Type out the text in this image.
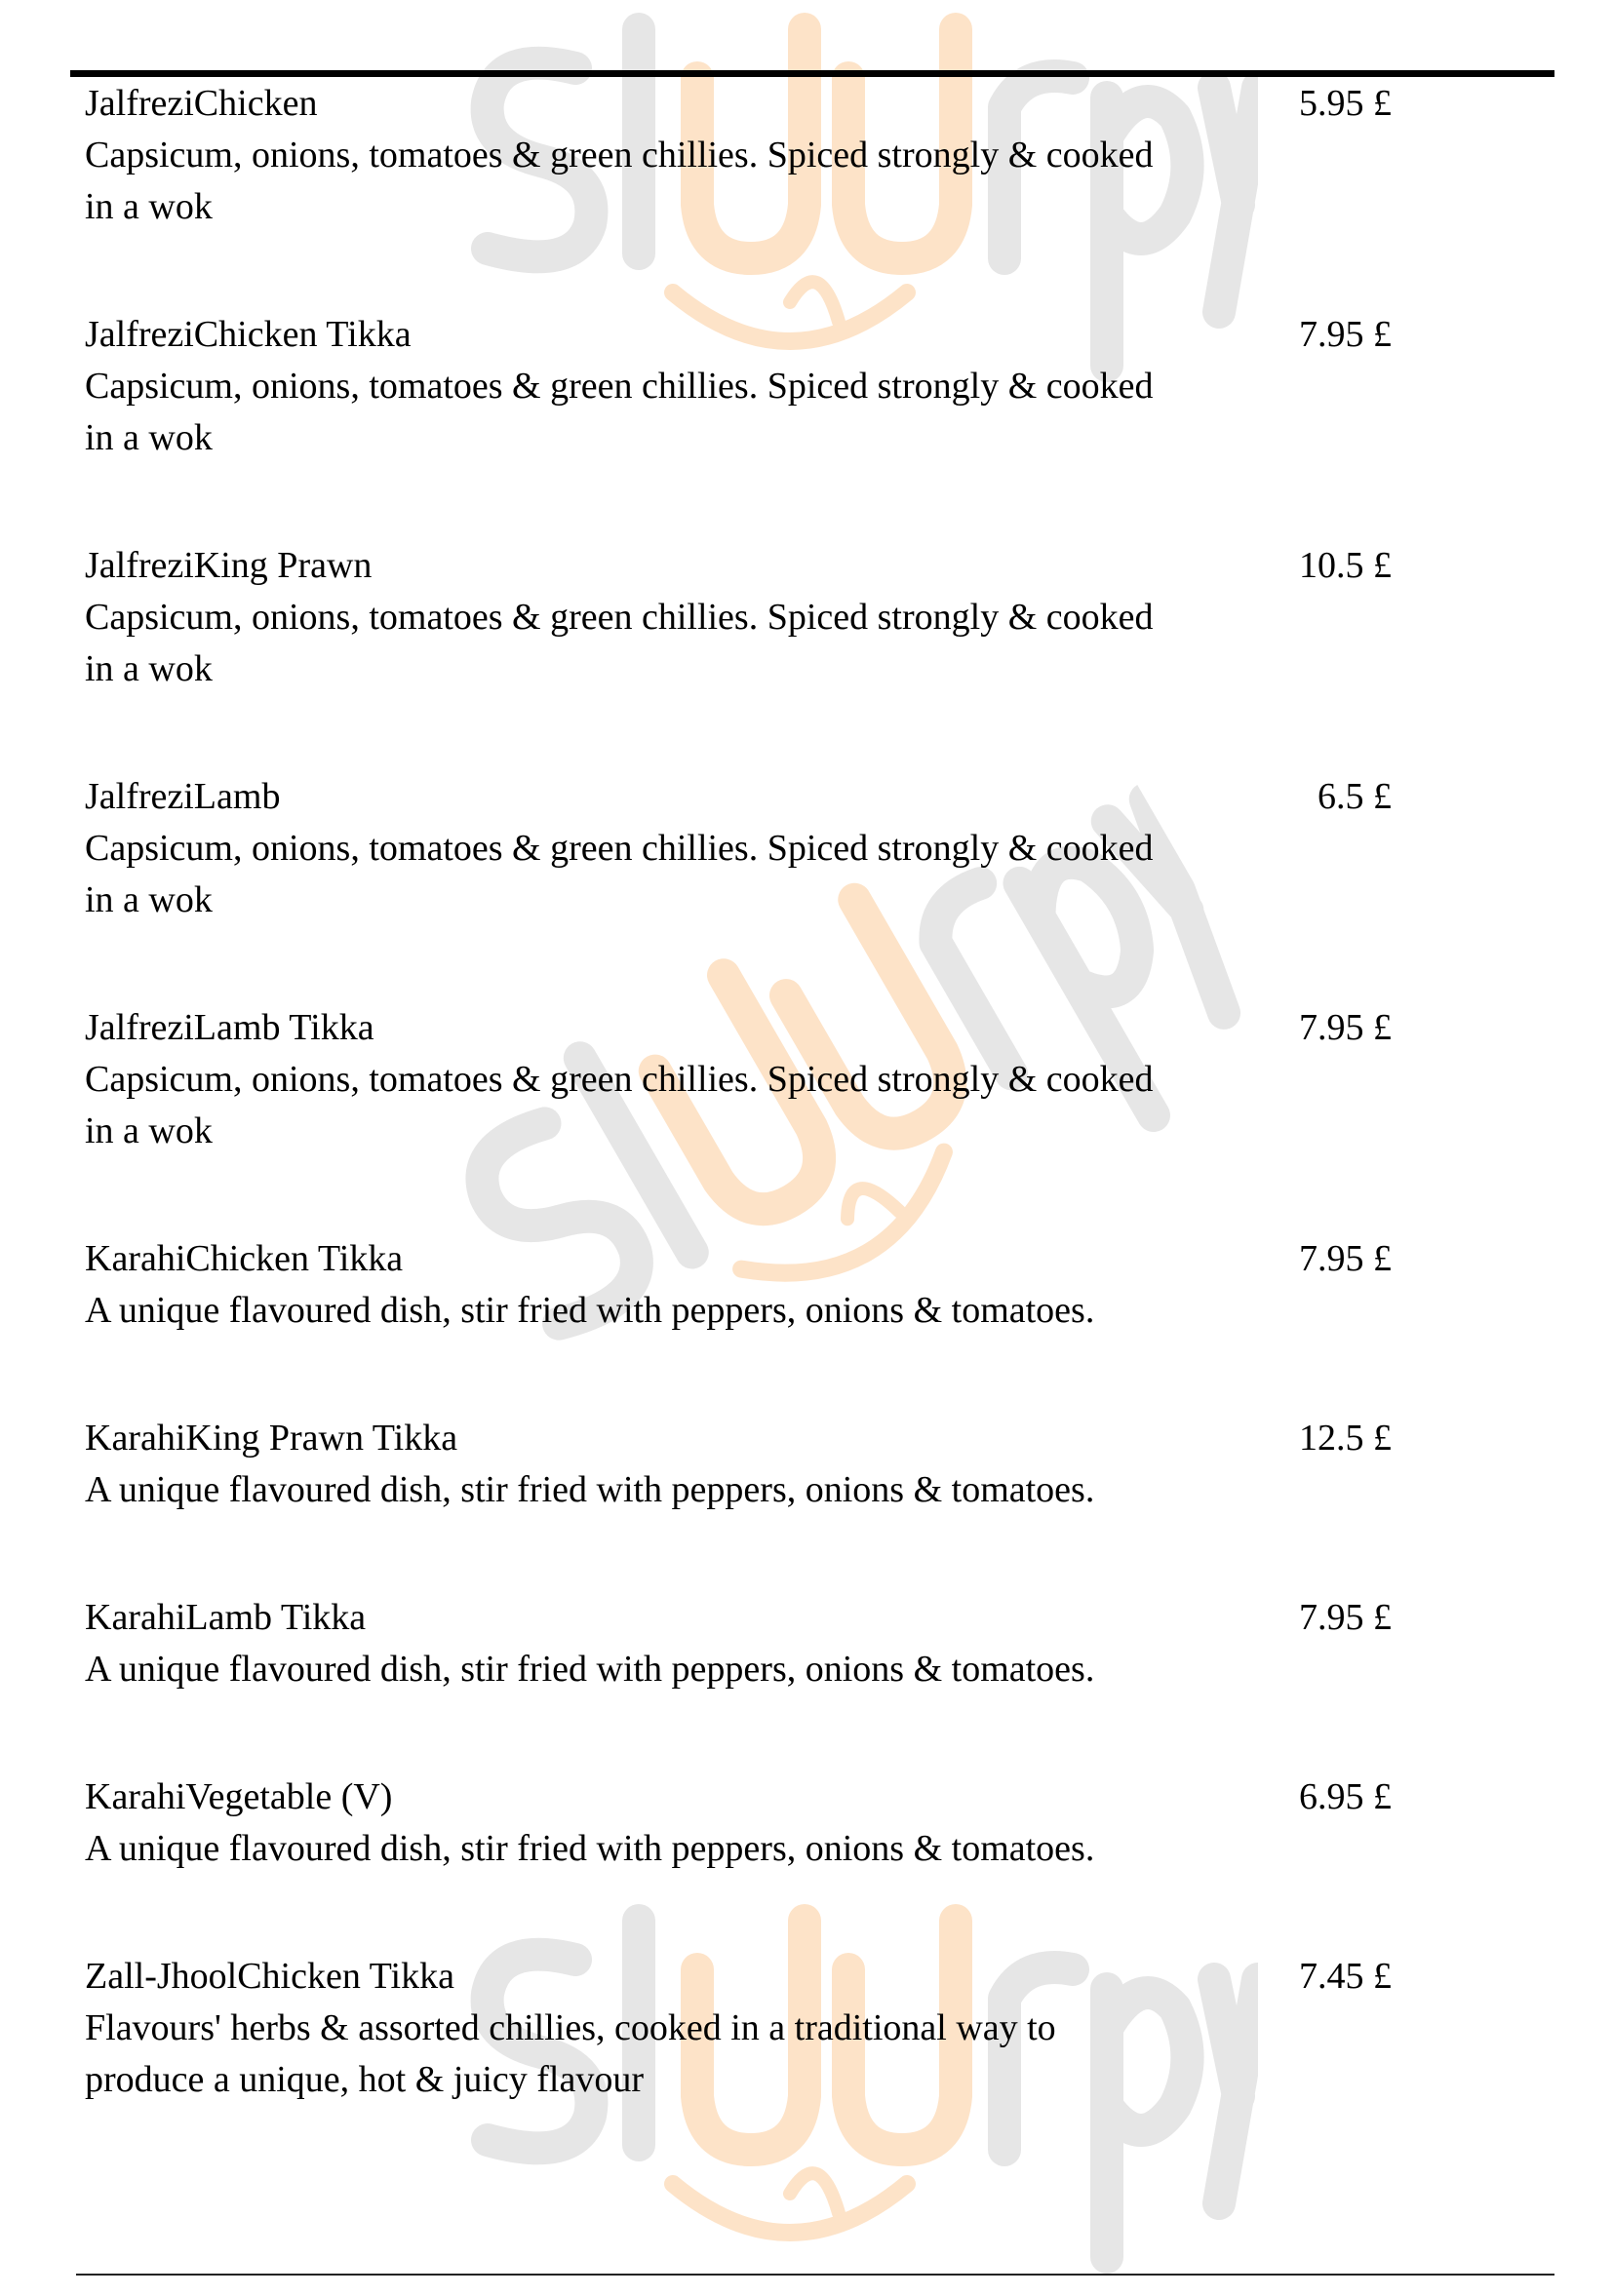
JalfreziChicken	5.95 £
Capsicum, onions, tomatoes & green chillies. Spiced strongly & cooked in a wok
JalfreziChicken Tikka	7.95 £
Capsicum, onions, tomatoes & green chillies. Spiced strongly & cooked in a wok
JalfreziKing Prawn	10.5 £
Capsicum, onions, tomatoes & green chillies. Spiced strongly & cooked in a wok
JalfreziLamb	6.5 £
Capsicum, onions, tomatoes & green chillies. Spiced strongly & cooked in a wok
JalfreziLamb Tikka	7.95 £
Capsicum, onions, tomatoes & green chillies. Spiced strongly & cooked in a wok
KarahiChicken Tikka	7.95 £
A unique flavoured dish, stir fried with peppers, onions & tomatoes.
KarahiKing Prawn Tikka	12.5 £
A unique flavoured dish, stir fried with peppers, onions & tomatoes.
KarahiLamb Tikka	7.95 £
A unique flavoured dish, stir fried with peppers, onions & tomatoes.
KarahiVegetable (V)	6.95 £
A unique flavoured dish, stir fried with peppers, onions & tomatoes.
Zall-JhoolChicken Tikka	7.45 £
Flavours' herbs & assorted chillies, cooked in a traditional way to produce a unique, hot & juicy flavour
